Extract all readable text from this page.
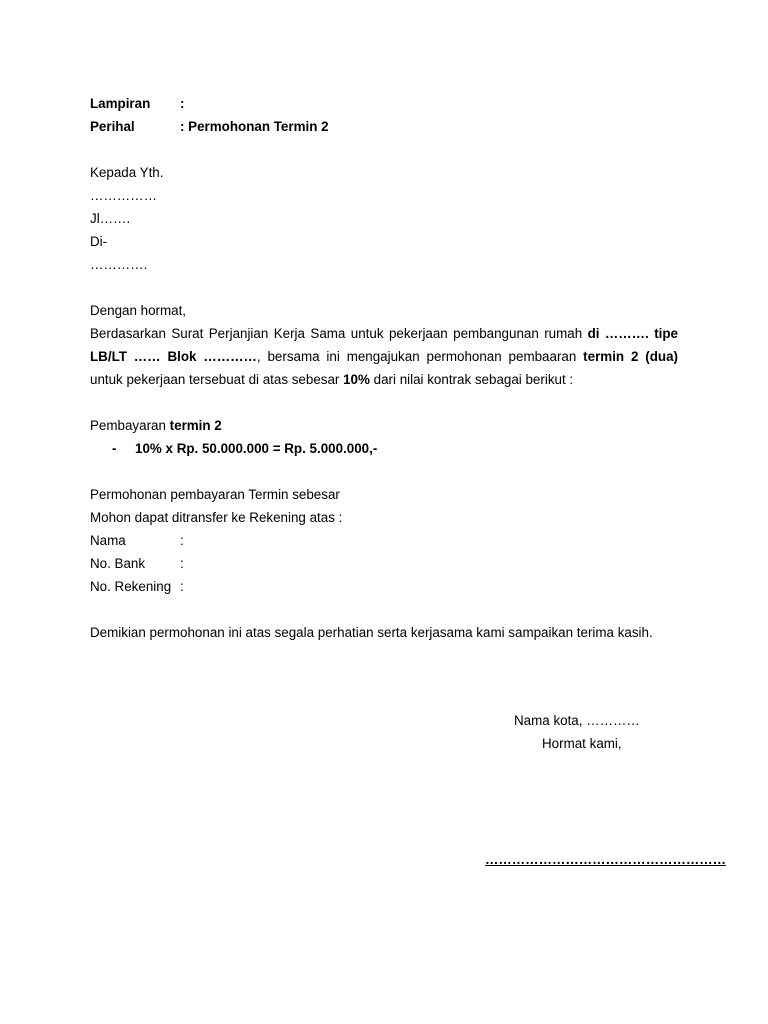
Lampiran :
Perihal	: Permohonan Termin 2
Kepada Yth.
……………
Jl…….
Di-
………….
Dengan hormat,
Berdasarkan Surat Perjanjian Kerja Sama untuk pekerjaan pembangunan rumah di ………. tipe LB/LT …… Blok …………, bersama ini mengajukan permohonan pembaaran termin 2 (dua) untuk pekerjaan tersebuat di atas sebesar 10% dari nilai kontrak sebagai berikut :
Pembayaran termin 2
- 10% x Rp. 50.000.000 = Rp. 5.000.000,-
Permohonan pembayaran Termin sebesar
Mohon dapat ditransfer ke Rekening atas :
Nama	:
No. Bank	:
No. Rekening :
Demikian permohonan ini atas segala perhatian serta kerjasama kami sampaikan terima kasih.
Nama kota, …………
Hormat kami,
………………………………………………
